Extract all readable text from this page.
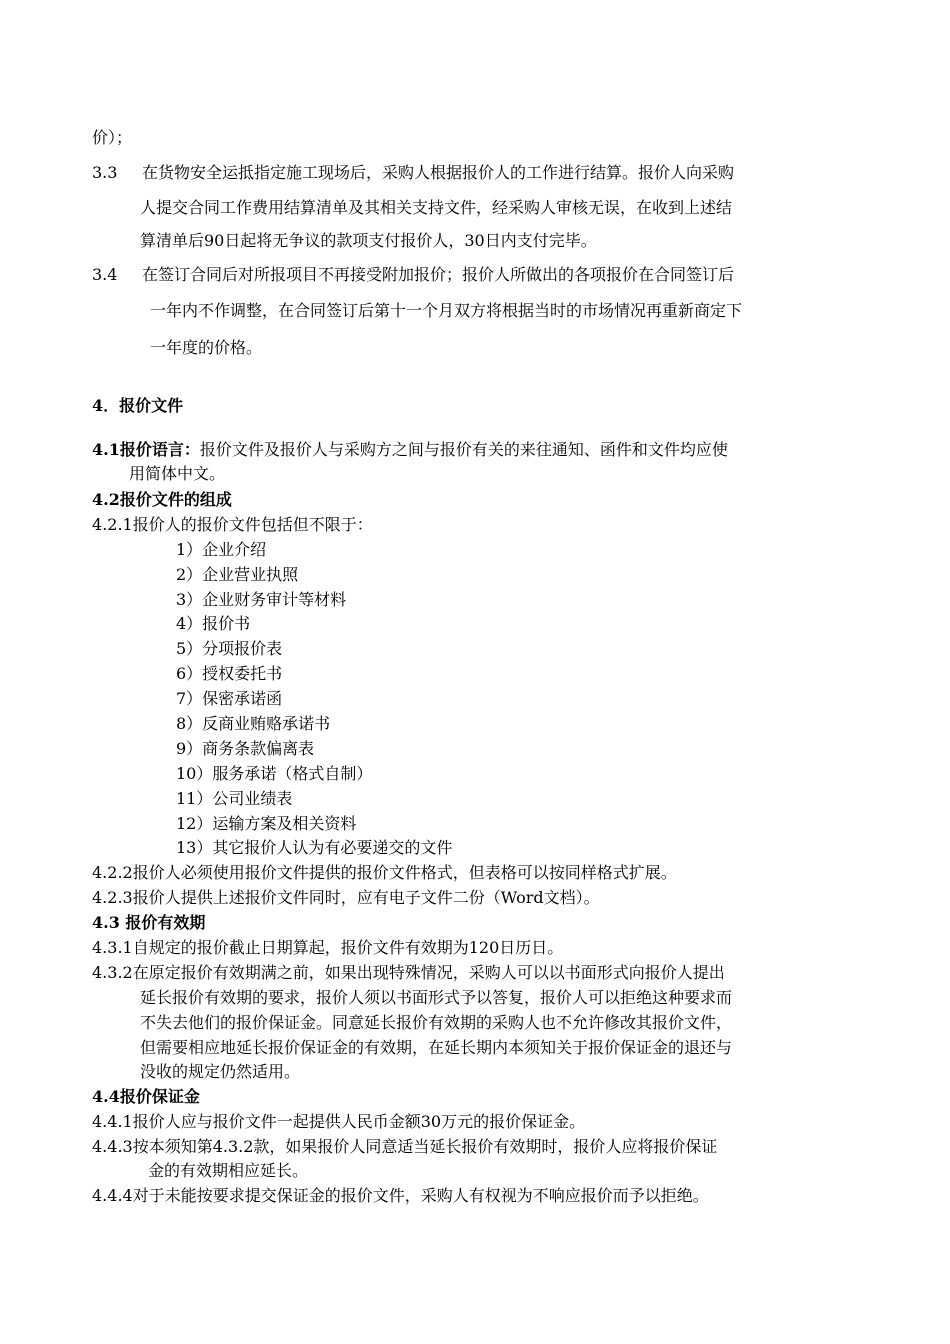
价）；
3.3 在货物安全运抵指定施工现场后，采购人根据报价人的工作进行结算。报价人向采购
人提交合同工作费用结算清单及其相关支持文件，经采购人审核无误，在收到上述结
算清单后90日起将无争议的款项支付报价人，30日内支付完毕。
3.4 在签订合同后对所报项目不再接受附加报价；报价人所做出的各项报价在合同签订后
一年内不作调整，在合同签订后第十一个月双方将根据当时的市场情况再重新商定下
一年度的价格。
4．报价文件
4.1报价语言：报价文件及报价人与采购方之间与报价有关的来往通知、函件和文件均应使
用简体中文。
4.2报价文件的组成
4.2.1报价人的报价文件包括但不限于：
1）企业介绍
2）企业营业执照
3）企业财务审计等材料
4）报价书
5）分项报价表
6）授权委托书
7）保密承诺函
8）反商业贿赂承诺书
9）商务条款偏离表
10）服务承诺（格式自制）
11）公司业绩表
12）运输方案及相关资料
13）其它报价人认为有必要递交的文件
4.2.2报价人必须使用报价文件提供的报价文件格式，但表格可以按同样格式扩展。
4.2.3报价人提供上述报价文件同时，应有电子文件二份（Word文档）。
4.3 报价有效期
4.3.1自规定的报价截止日期算起，报价文件有效期为120日历日。
4.3.2在原定报价有效期满之前，如果出现特殊情况，采购人可以以书面形式向报价人提出
延长报价有效期的要求，报价人须以书面形式予以答复，报价人可以拒绝这种要求而
不失去他们的报价保证金。同意延长报价有效期的采购人也不允许修改其报价文件，
但需要相应地延长报价保证金的有效期，在延长期内本须知关于报价保证金的退还与
没收的规定仍然适用。
4.4报价保证金
4.4.1报价人应与报价文件一起提供人民币金额30万元的报价保证金。
4.4.3按本须知第4.3.2款，如果报价人同意适当延长报价有效期时，报价人应将报价保证
金的有效期相应延长。
4.4.4对于未能按要求提交保证金的报价文件，采购人有权视为不响应报价而予以拒绝。
